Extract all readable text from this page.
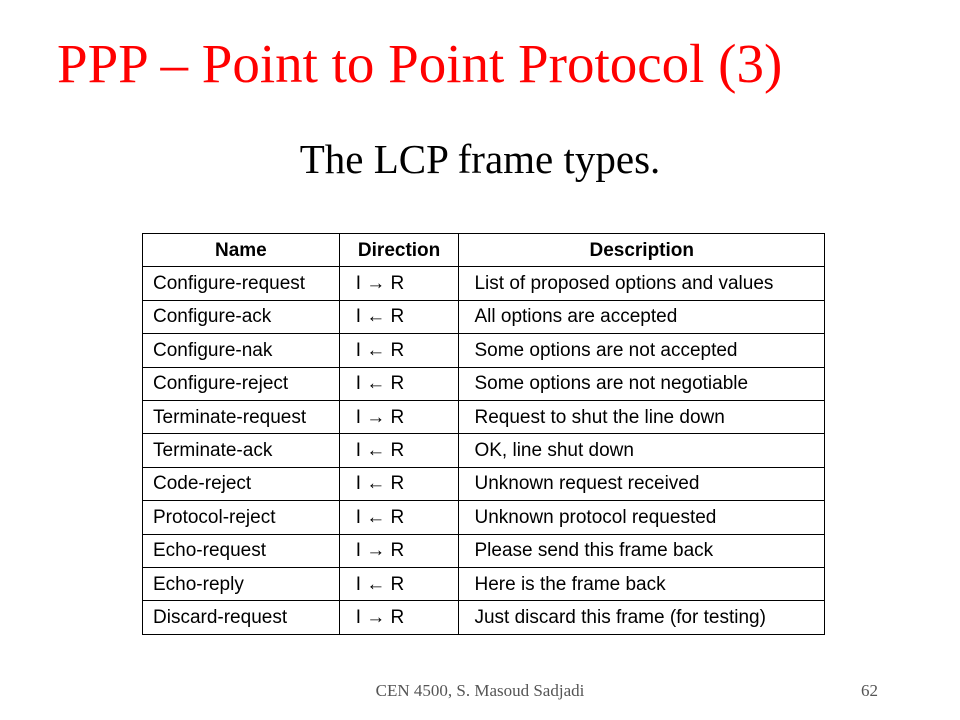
PPP – Point to Point Protocol (3)
The LCP frame types.
Name	Direction	Description
Configure-request	I → R	List of proposed options and values
Configure-ack	I ← R	All options are accepted
Configure-nak	I ← R	Some options are not accepted
Configure-reject	I ← R	Some options are not negotiable
Terminate-request	I → R	Request to shut the line down
Terminate-ack	I ← R	OK, line shut down
Code-reject	I ← R	Unknown request received
Protocol-reject	I ← R	Unknown protocol requested
Echo-request	I → R	Please send this frame back
Echo-reply	I ← R	Here is the frame back
Discard-request	I → R	Just discard this frame (for testing)
CEN 4500, S. Masoud Sadjadi	62
